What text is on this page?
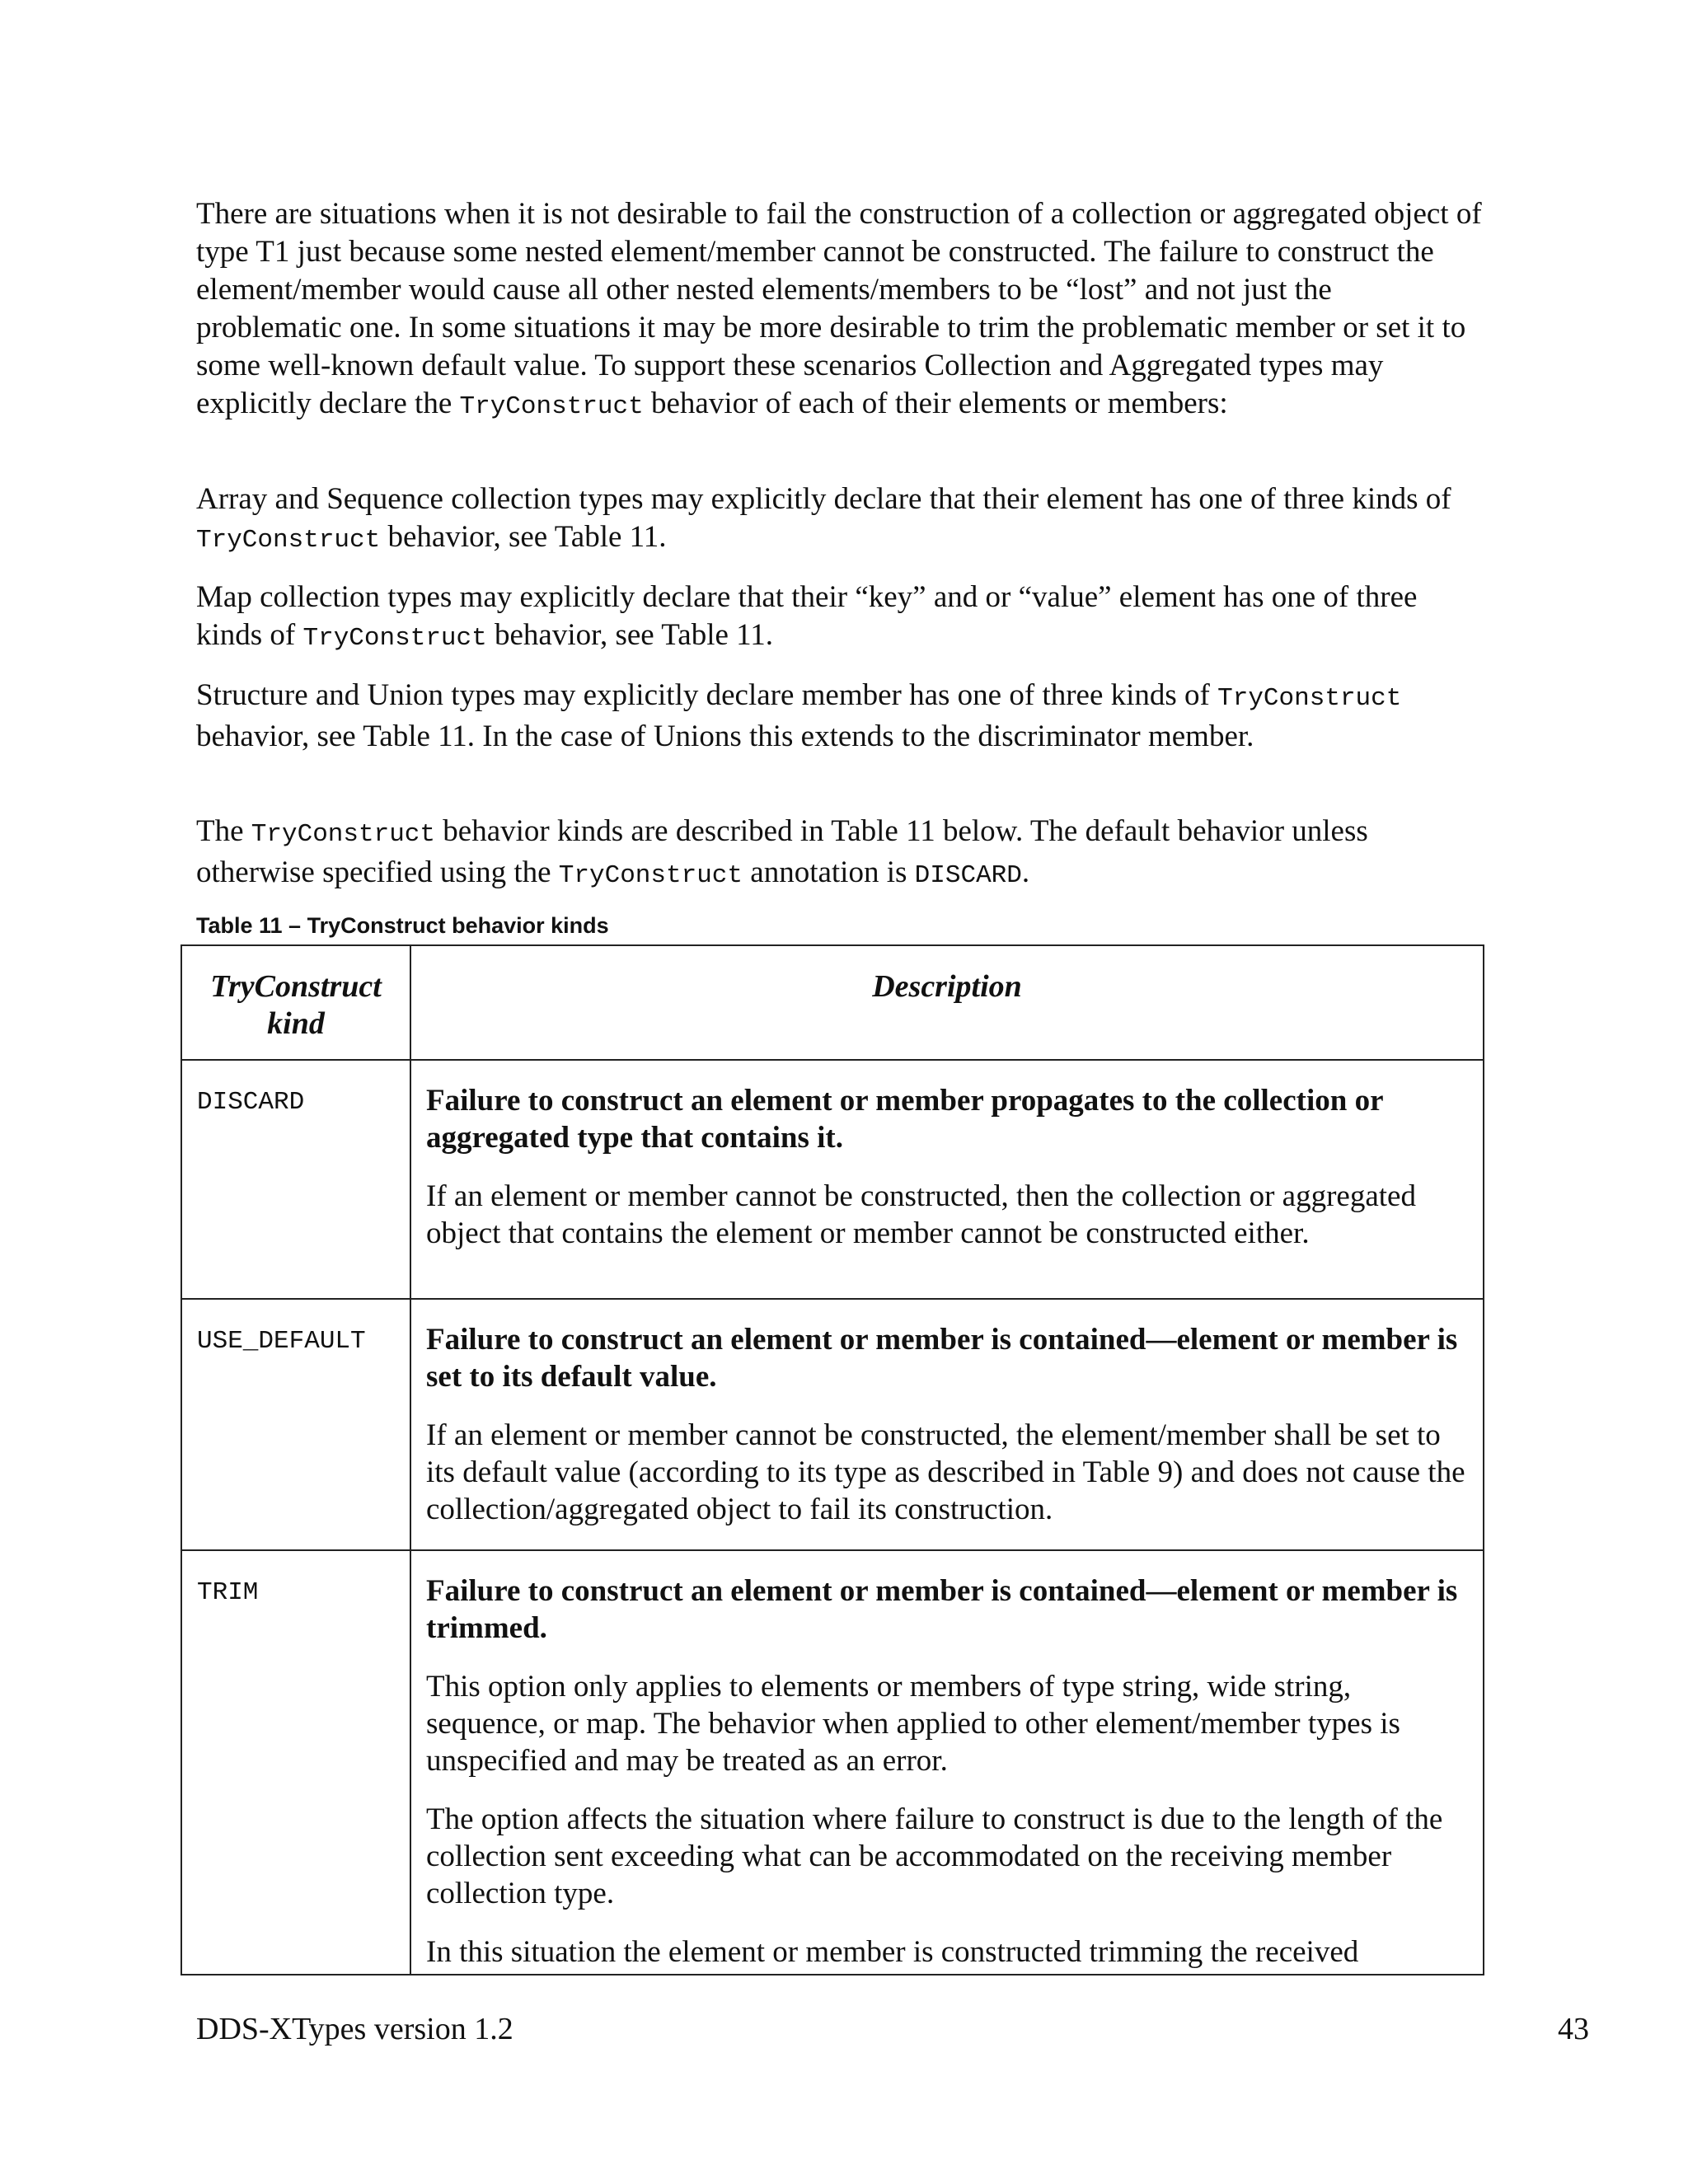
There are situations when it is not desirable to fail the construction of a collection or aggregated object of type T1 just because some nested element/member cannot be constructed. The failure to construct the element/member would cause all other nested elements/members to be “lost” and not just the problematic one. In some situations it may be more desirable to trim the problematic member or set it to some well-known default value. To support these scenarios Collection and Aggregated types may explicitly declare the TryConstruct behavior of each of their elements or members:

Array and Sequence collection types may explicitly declare that their element has one of three kinds of TryConstruct behavior, see Table 11.

Map collection types may explicitly declare that their “key” and or “value” element has one of three kinds of TryConstruct behavior, see Table 11.

Structure and Union types may explicitly declare member has one of three kinds of TryConstruct behavior, see Table 11. In the case of Unions this extends to the discriminator member.

The TryConstruct behavior kinds are described in Table 11 below. The default behavior unless otherwise specified using the TryConstruct annotation is DISCARD.

Table 11 – TryConstruct behavior kinds
TryConstruct kind	Description
DISCARD	Failure to construct an element or member propagates to the collection or aggregated type that contains it.

If an element or member cannot be constructed, then the collection or aggregated object that contains the element or member cannot be constructed either.

USE_DEFAULT	Failure to construct an element or member is contained—element or member is set to its default value.

If an element or member cannot be constructed, the element/member shall be set to its default value (according to its type as described in Table 9) and does not cause the collection/aggregated object to fail its construction.

TRIM	Failure to construct an element or member is contained—element or member is trimmed.

This option only applies to elements or members of type string, wide string, sequence, or map. The behavior when applied to other element/member types is unspecified and may be treated as an error.

The option affects the situation where failure to construct is due to the length of the collection sent exceeding what can be accommodated on the receiving member collection type.

In this situation the element or member is constructed trimming the received

DDS-XTypes version 1.2	43
